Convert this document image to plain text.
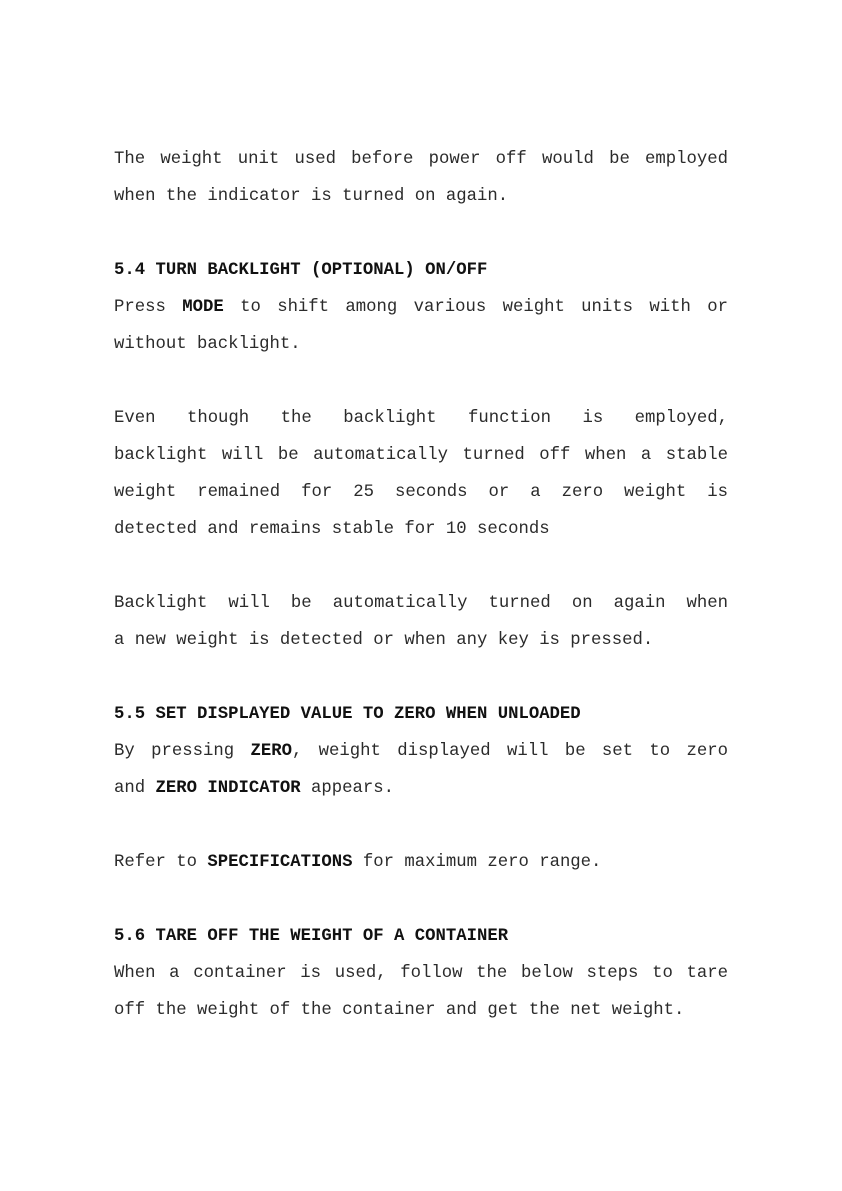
The weight unit used before power off would be employed
when the indicator is turned on again.

5.4 TURN BACKLIGHT (OPTIONAL) ON/OFF

Press MODE to shift among various weight units with or
without backlight.

Even though the backlight function is employed,
backlight will be automatically turned off when a stable
weight remained for 25 seconds or a zero weight is
detected and remains stable for 10 seconds

Backlight will be automatically turned on again when
a new weight is detected or when any key is pressed.

5.5 SET DISPLAYED VALUE TO ZERO WHEN UNLOADED

By pressing ZERO, weight displayed will be set to zero
and ZERO INDICATOR appears.

Refer to SPECIFICATIONS for maximum zero range.

5.6 TARE OFF THE WEIGHT OF A CONTAINER

When a container is used, follow the below steps to tare
off the weight of the container and get the net weight.
